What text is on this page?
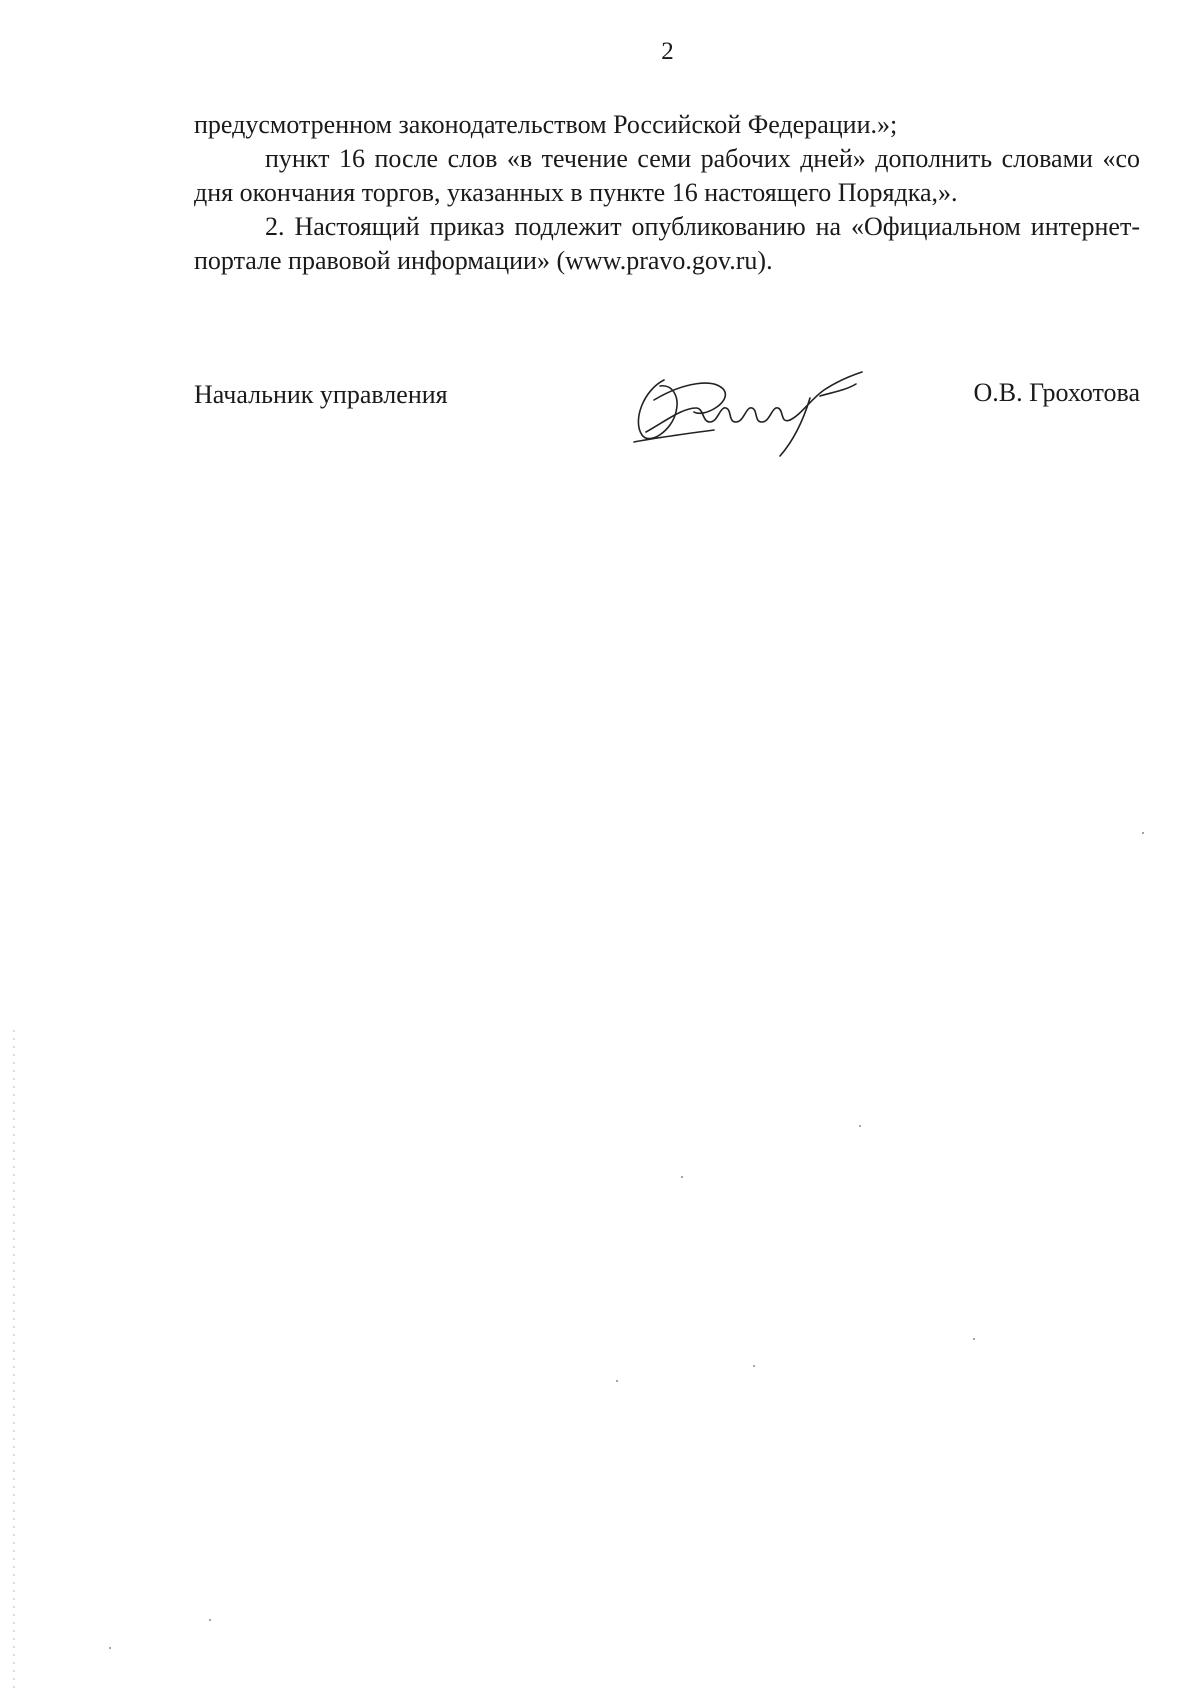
2

предусмотренном законодательством Российской Федерации.»;

пункт 16 после слов «в течение семи рабочих дней» дополнить словами «со дня окончания торгов, указанных в пункте 16 настоящего Порядка,».

2. Настоящий приказ подлежит опубликованию на «Официальном интернет-портале правовой информации» (www.pravo.gov.ru).

Начальник управления	О.В. Грохотова
